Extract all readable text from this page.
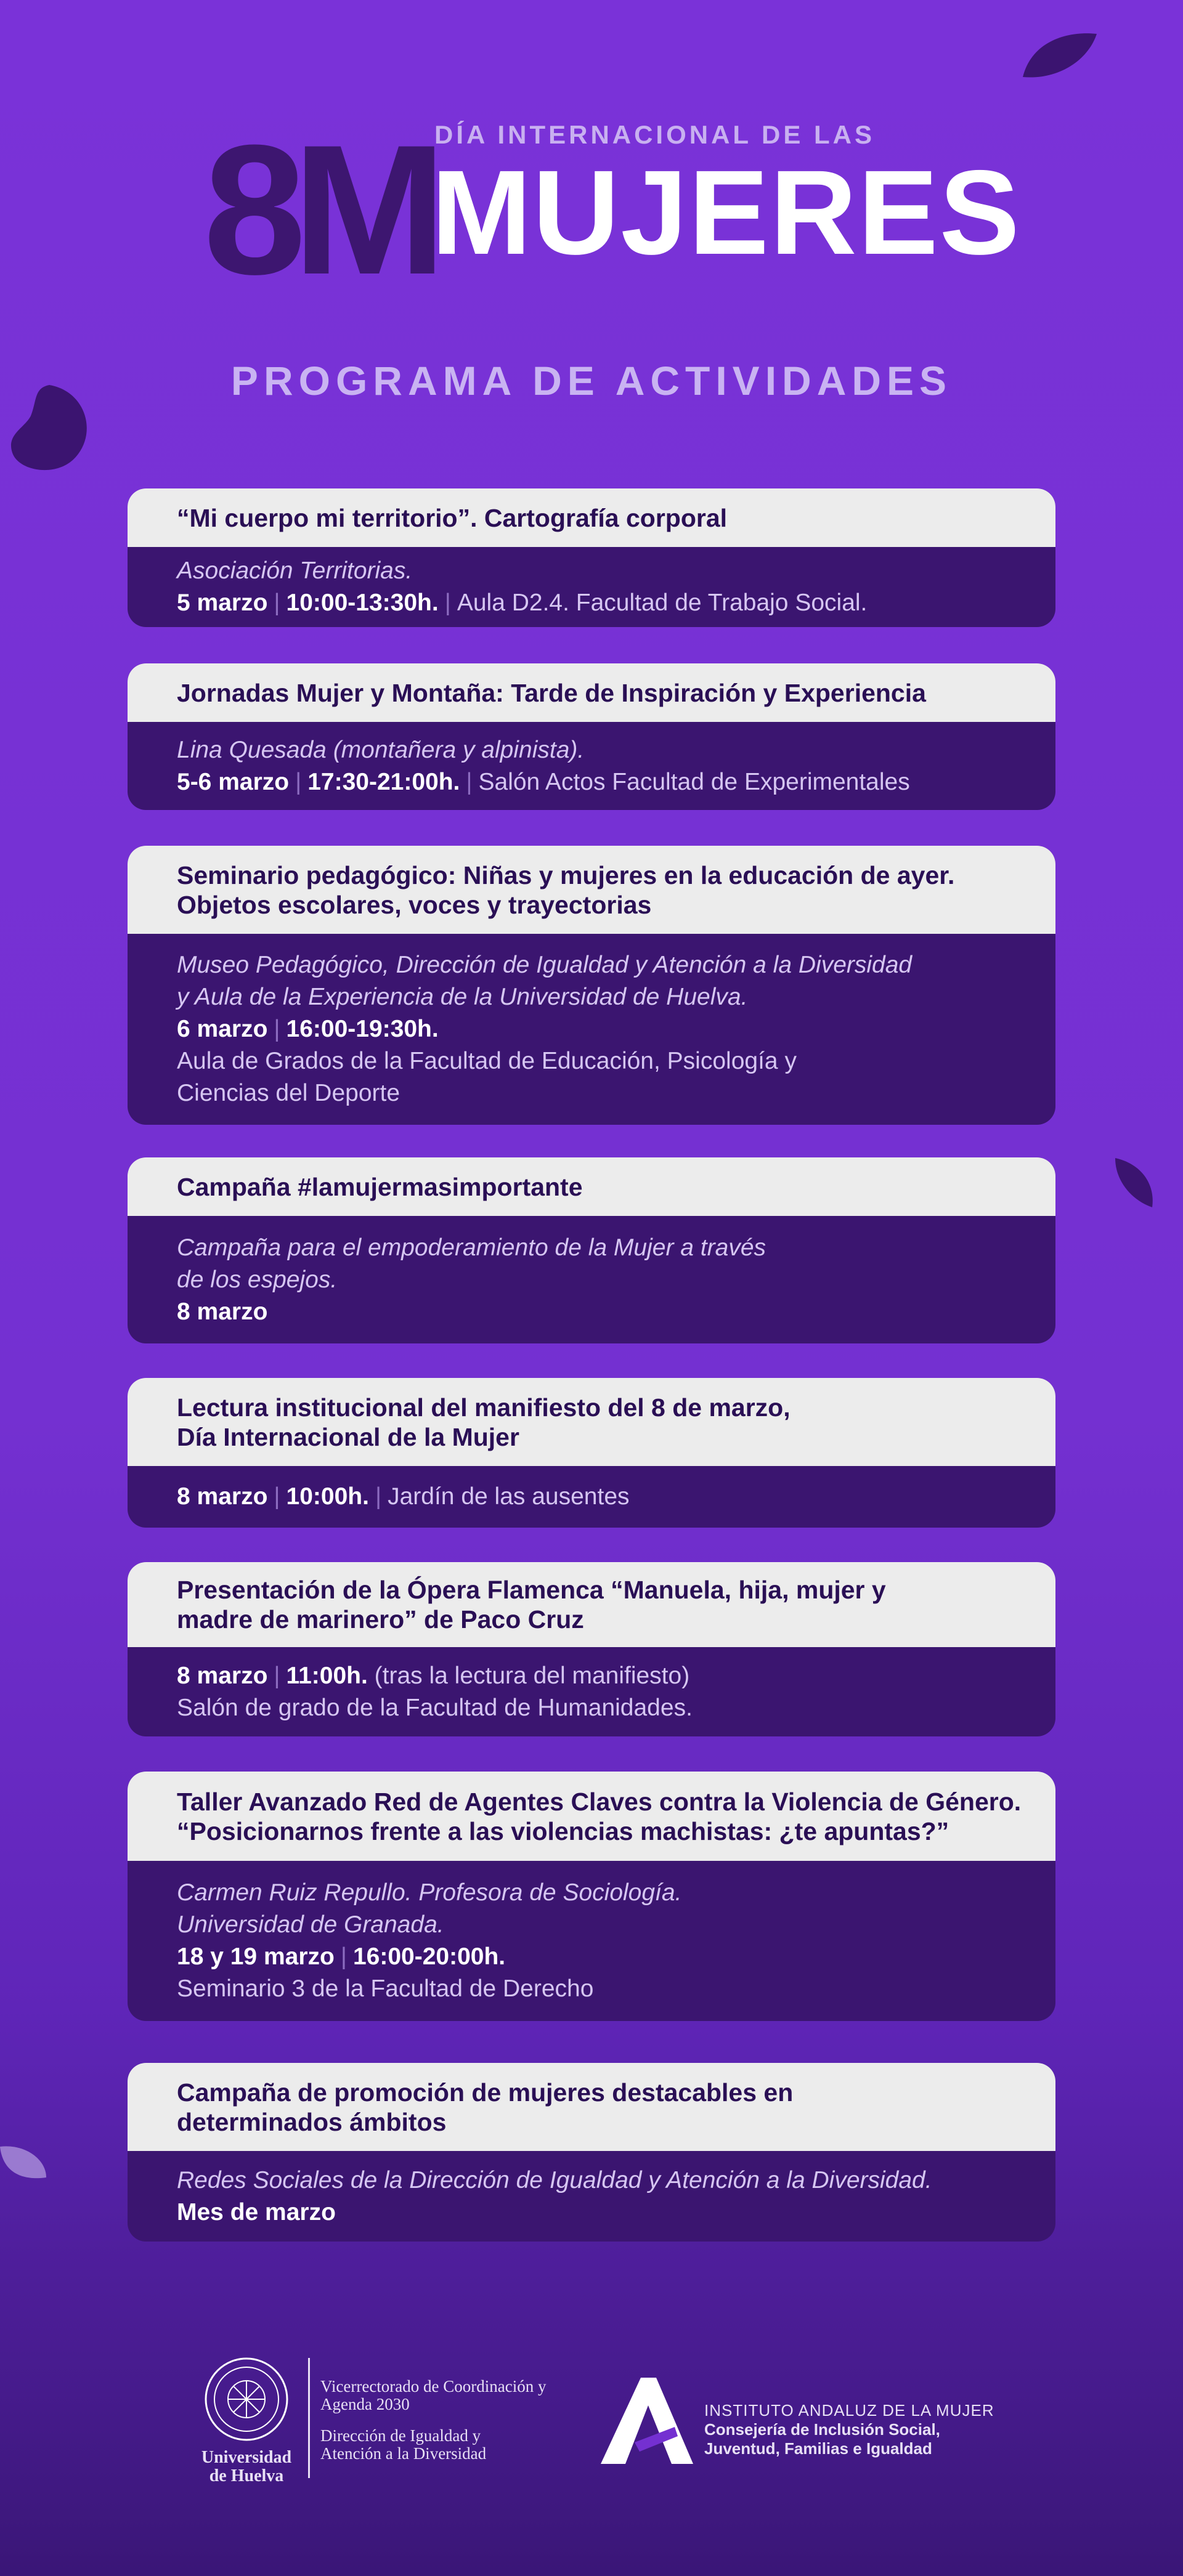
8M DÍA INTERNACIONAL DE LAS
MUJERES
PROGRAMA DE ACTIVIDADES
“Mi cuerpo mi territorio”. Cartografía corporal
Asociación Territorias.
5 marzo | 10:00-13:30h. | Aula D2.4. Facultad de Trabajo Social.
Jornadas Mujer y Montaña: Tarde de Inspiración y Experiencia
Lina Quesada (montañera y alpinista).
5-6 marzo | 17:30-21:00h. | Salón Actos Facultad de Experimentales
Seminario pedagógico: Niñas y mujeres en la educación de ayer.
Objetos escolares, voces y trayectorias
Museo Pedagógico, Dirección de Igualdad y Atención a la Diversidad
y Aula de la Experiencia de la Universidad de Huelva.
6 marzo | 16:00-19:30h.
Aula de Grados de la Facultad de Educación, Psicología y
Ciencias del Deporte
Campaña #lamujermasimportante
Campaña para el empoderamiento de la Mujer a través
de los espejos.
8 marzo
Lectura institucional del manifiesto del 8 de marzo,
Día Internacional de la Mujer
8 marzo | 10:00h. | Jardín de las ausentes
Presentación de la Ópera Flamenca “Manuela, hija, mujer y
madre de marinero” de Paco Cruz
8 marzo | 11:00h. (tras la lectura del manifiesto)
Salón de grado de la Facultad de Humanidades.
Taller Avanzado Red de Agentes Claves contra la Violencia de Género.
“Posicionarnos frente a las violencias machistas: ¿te apuntas?”
Carmen Ruiz Repullo. Profesora de Sociología.
Universidad de Granada.
18 y 19 marzo | 16:00-20:00h.
Seminario 3 de la Facultad de Derecho
Campaña de promoción de mujeres destacables en
determinados ámbitos
Redes Sociales de la Dirección de Igualdad y Atención a la Diversidad.
Mes de marzo
Universidad
de Huelva
Vicerrectorado de Coordinación y
Agenda 2030
Dirección de Igualdad y
Atención a la Diversidad
INSTITUTO ANDALUZ DE LA MUJER
Consejería de Inclusión Social,
Juventud, Familias e Igualdad
